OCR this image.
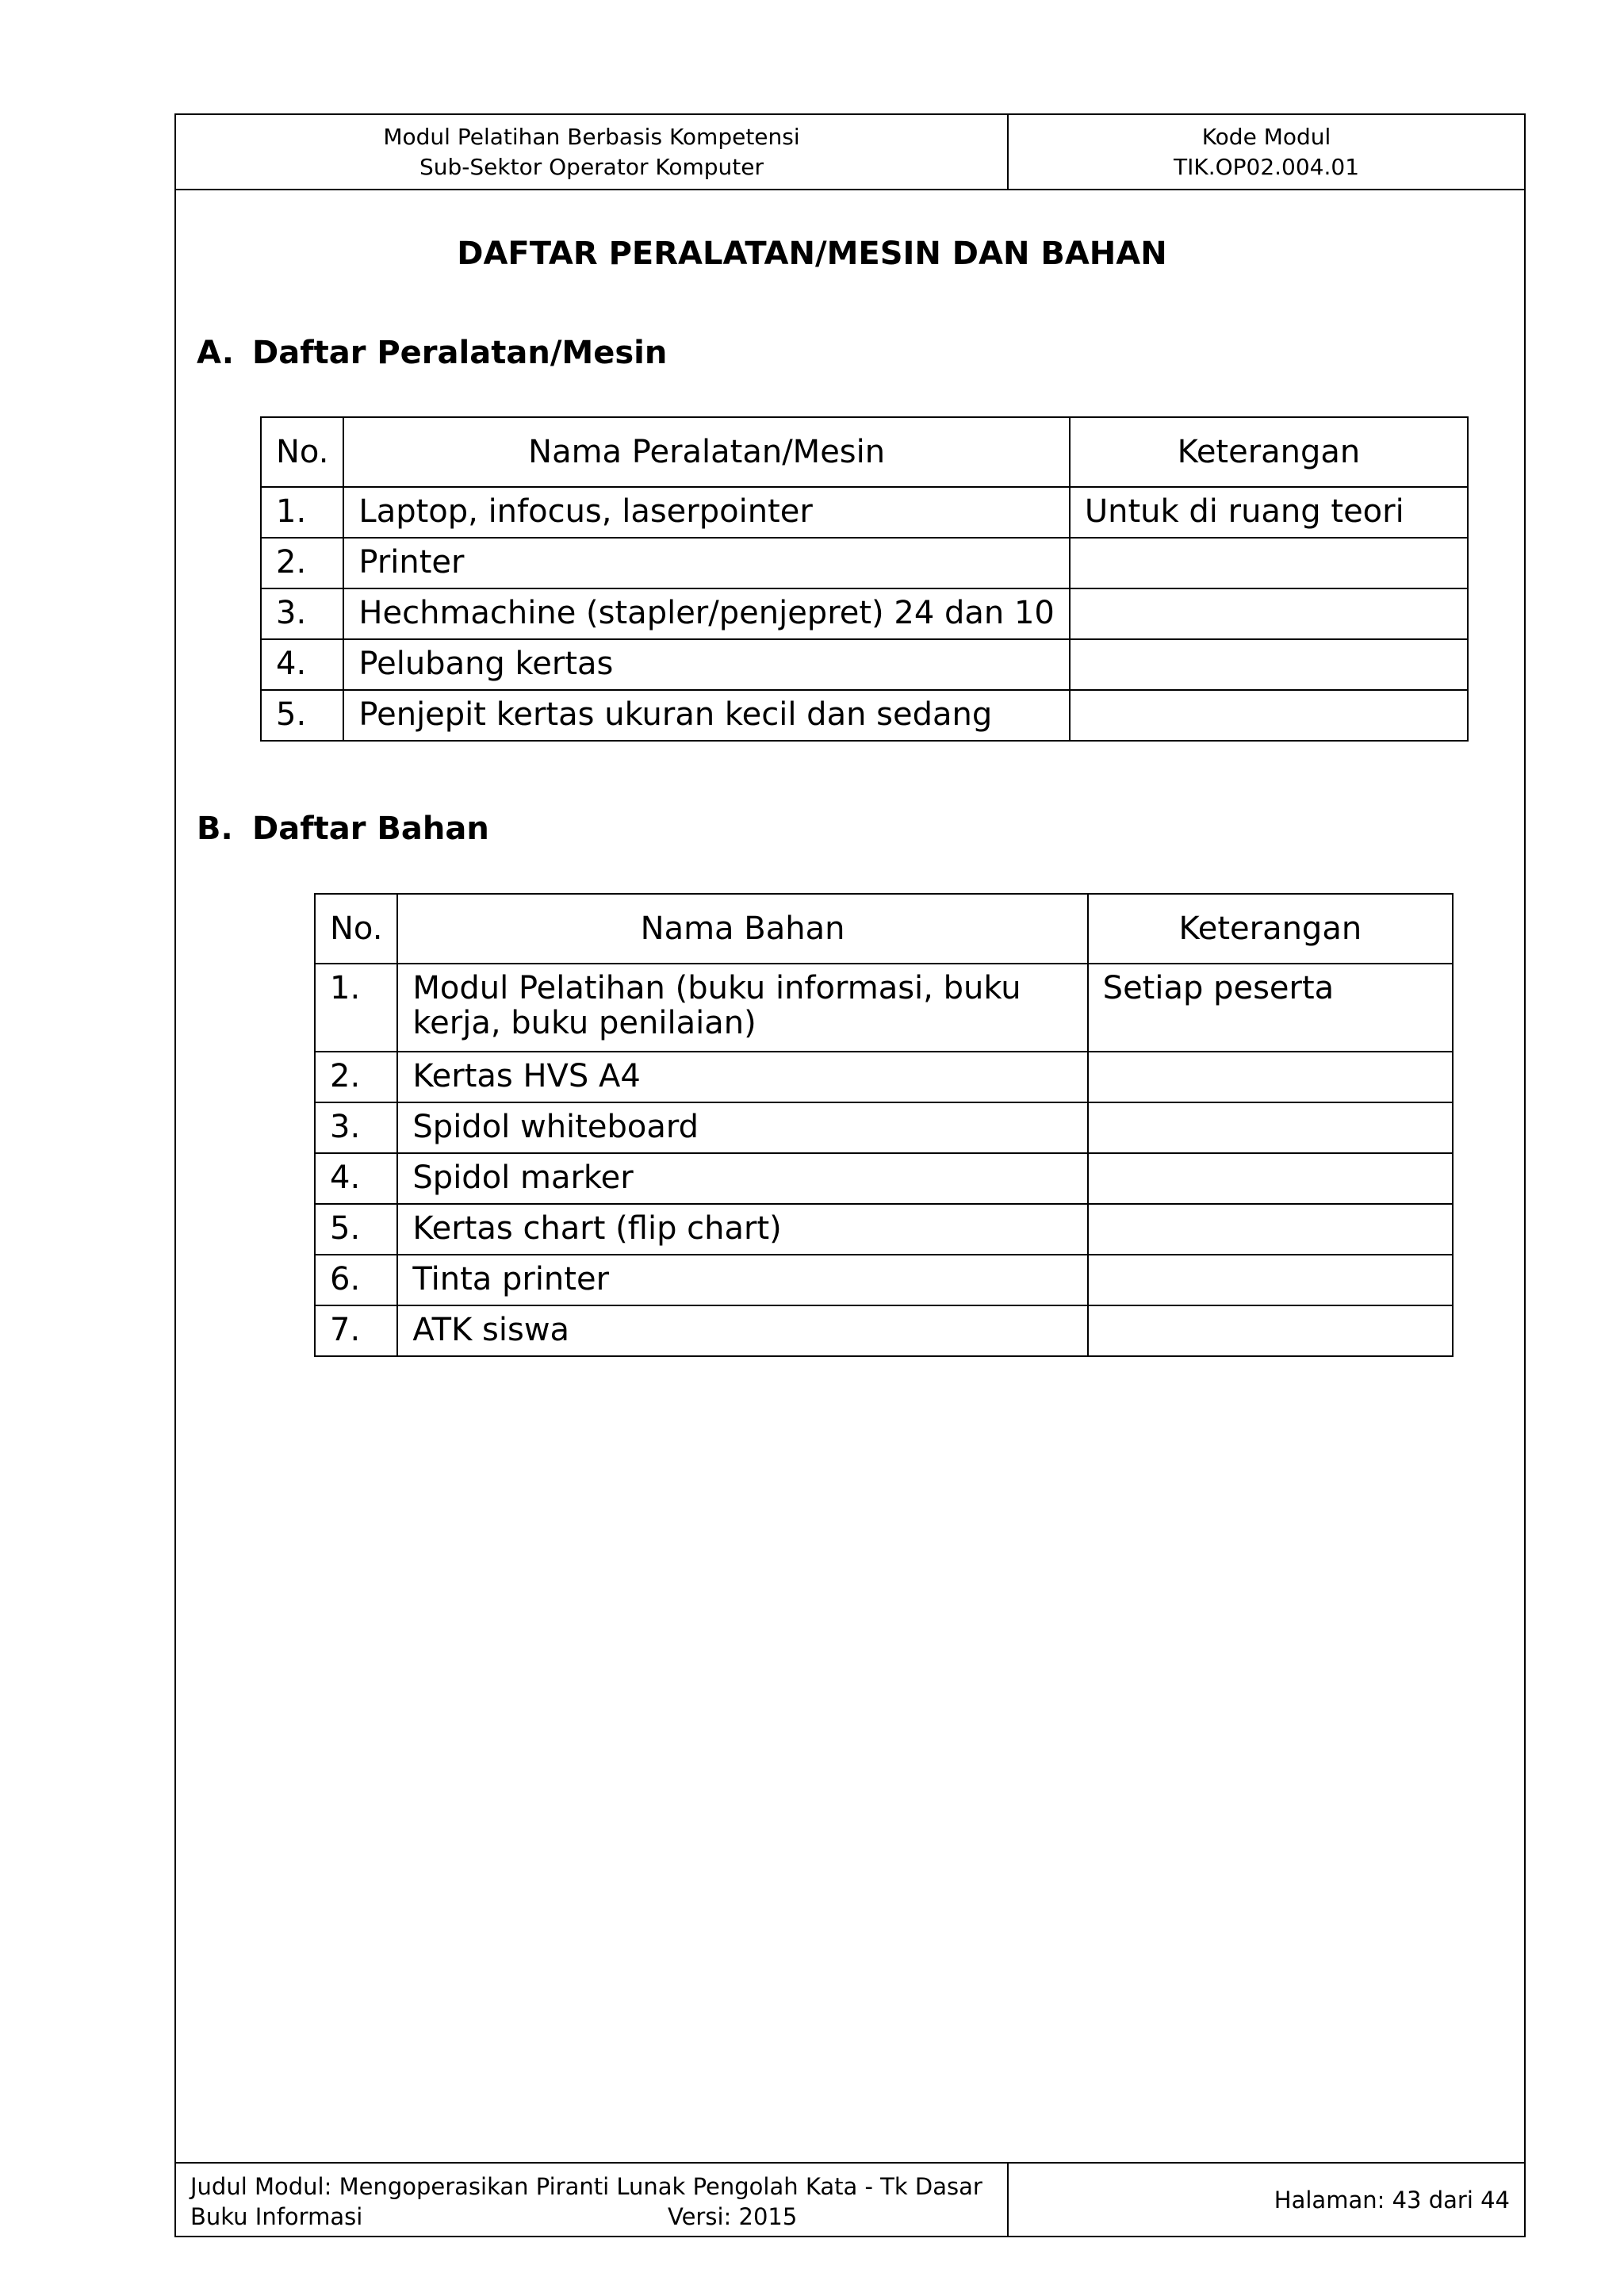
Modul Pelatihan Berbasis Kompetensi
Sub-Sektor Operator Komputer
Kode Modul
TIK.OP02.004.01
Judul Modul: Mengoperasikan Piranti Lunak Pengolah Kata - Tk Dasar
Buku Informasi	Versi: 2015
Halaman: 43 dari 44
DAFTAR PERALATAN/MESIN DAN BAHAN
A. Daftar Peralatan/Mesin
No.	Nama Peralatan/Mesin	Keterangan
1.	Laptop, infocus, laserpointer	Untuk di ruang teori
2.	Printer	
3.	Hechmachine (stapler/penjepret) 24 dan 10	
4.	Pelubang kertas	
5.	Penjepit kertas ukuran kecil dan sedang	
B. Daftar Bahan
No.	Nama Bahan	Keterangan
1.	Modul Pelatihan (buku informasi, buku kerja, buku penilaian)	Setiap peserta
2.	Kertas HVS A4	
3.	Spidol whiteboard	
4.	Spidol marker	
5.	Kertas chart (flip chart)	
6.	Tinta printer	
7.	ATK siswa	
